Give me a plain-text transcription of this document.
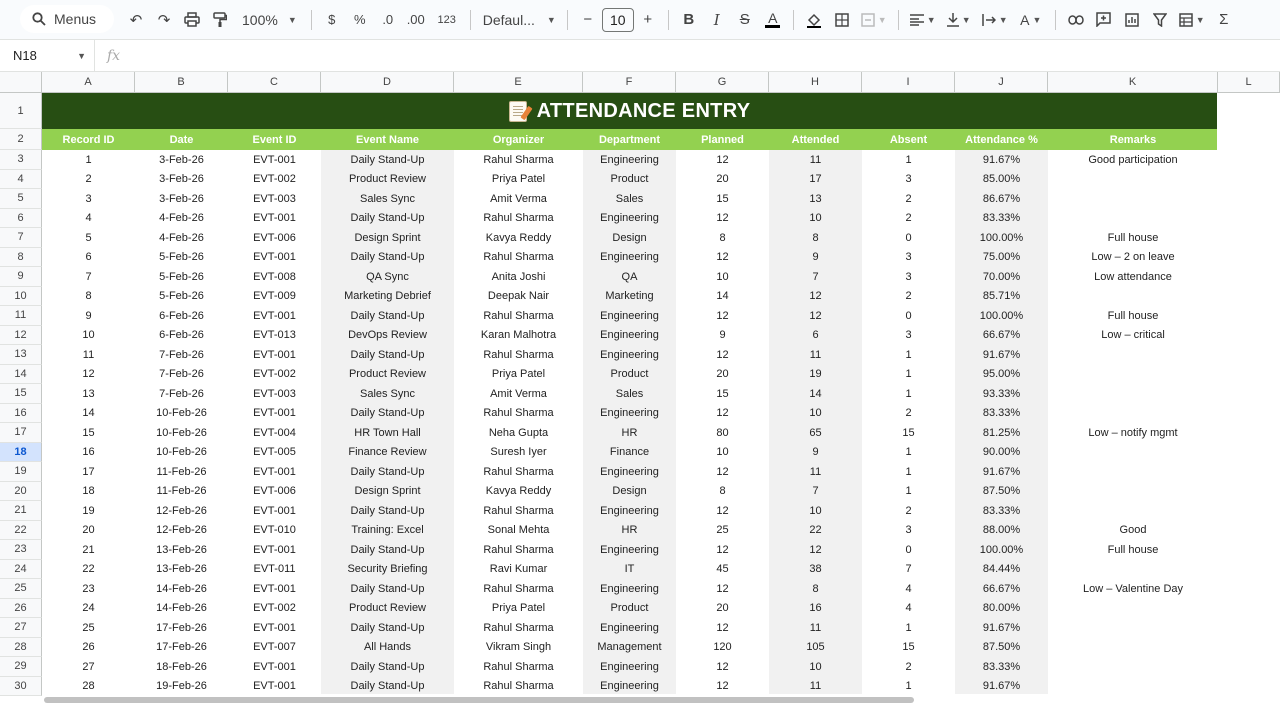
Menus	↶	↷	100% ▼	$	%	.0	.00	123	Defaul... ▼	−	10	+	B	I	S	A	▼	▼	▼	▼ A ▼	▼ Σ
N18	▼	fx
A	B	C	D	E	F	G	H	I	J	K	L
1
2
3
4
5
6
7
8
9
10
11
12
13
14
15
16
17
18
19
20
21
22
23
24
25
26
27
28
29
30
ATTENDANCE ENTRY
Record ID	Date	Event ID	Event Name	Organizer	Department	Planned	Attended	Absent	Attendance %	Remarks
1	3-Feb-26	EVT-001	Daily Stand-Up	Rahul Sharma	Engineering	12	11	1	91.67%	Good participation
2	3-Feb-26	EVT-002	Product Review	Priya Patel	Product	20	17	3	85.00%
3	3-Feb-26	EVT-003	Sales Sync	Amit Verma	Sales	15	13	2	86.67%
4	4-Feb-26	EVT-001	Daily Stand-Up	Rahul Sharma	Engineering	12	10	2	83.33%
5	4-Feb-26	EVT-006	Design Sprint	Kavya Reddy	Design	8	8	0	100.00%	Full house
6	5-Feb-26	EVT-001	Daily Stand-Up	Rahul Sharma	Engineering	12	9	3	75.00%	Low – 2 on leave
7	5-Feb-26	EVT-008	QA Sync	Anita Joshi	QA	10	7	3	70.00%	Low attendance
8	5-Feb-26	EVT-009	Marketing Debrief	Deepak Nair	Marketing	14	12	2	85.71%
9	6-Feb-26	EVT-001	Daily Stand-Up	Rahul Sharma	Engineering	12	12	0	100.00%	Full house
10	6-Feb-26	EVT-013	DevOps Review	Karan Malhotra	Engineering	9	6	3	66.67%	Low – critical
11	7-Feb-26	EVT-001	Daily Stand-Up	Rahul Sharma	Engineering	12	11	1	91.67%
12	7-Feb-26	EVT-002	Product Review	Priya Patel	Product	20	19	1	95.00%
13	7-Feb-26	EVT-003	Sales Sync	Amit Verma	Sales	15	14	1	93.33%
14	10-Feb-26	EVT-001	Daily Stand-Up	Rahul Sharma	Engineering	12	10	2	83.33%
15	10-Feb-26	EVT-004	HR Town Hall	Neha Gupta	HR	80	65	15	81.25%	Low – notify mgmt
16	10-Feb-26	EVT-005	Finance Review	Suresh Iyer	Finance	10	9	1	90.00%
17	11-Feb-26	EVT-001	Daily Stand-Up	Rahul Sharma	Engineering	12	11	1	91.67%
18	11-Feb-26	EVT-006	Design Sprint	Kavya Reddy	Design	8	7	1	87.50%
19	12-Feb-26	EVT-001	Daily Stand-Up	Rahul Sharma	Engineering	12	10	2	83.33%
20	12-Feb-26	EVT-010	Training: Excel	Sonal Mehta	HR	25	22	3	88.00%	Good
21	13-Feb-26	EVT-001	Daily Stand-Up	Rahul Sharma	Engineering	12	12	0	100.00%	Full house
22	13-Feb-26	EVT-011	Security Briefing	Ravi Kumar	IT	45	38	7	84.44%
23	14-Feb-26	EVT-001	Daily Stand-Up	Rahul Sharma	Engineering	12	8	4	66.67%	Low – Valentine Day
24	14-Feb-26	EVT-002	Product Review	Priya Patel	Product	20	16	4	80.00%
25	17-Feb-26	EVT-001	Daily Stand-Up	Rahul Sharma	Engineering	12	11	1	91.67%
26	17-Feb-26	EVT-007	All Hands	Vikram Singh	Management	120	105	15	87.50%
27	18-Feb-26	EVT-001	Daily Stand-Up	Rahul Sharma	Engineering	12	10	2	83.33%
28	19-Feb-26	EVT-001	Daily Stand-Up	Rahul Sharma	Engineering	12	11	1	91.67%
